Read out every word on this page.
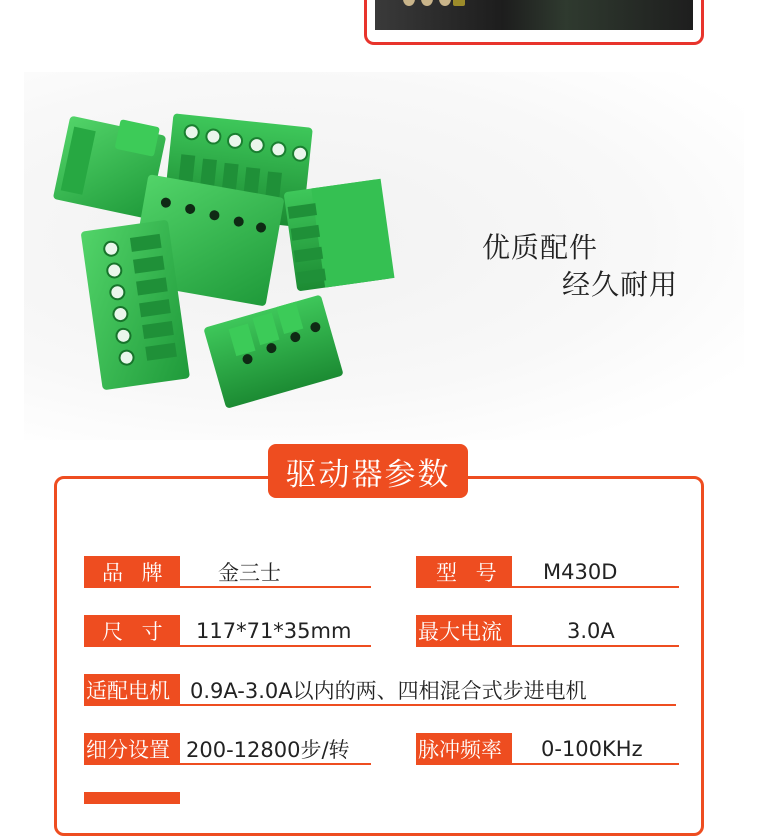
优质配件
经久耐用
驱动器参数
品 牌	金三士	型 号	M430D
尺 寸	117*71*35mm	最大电流	3.0A
适配电机 0.9A-3.0A以内的两、四相混合式步进电机
细分设置 200-12800步/转	脉冲频率	0-100KHz
